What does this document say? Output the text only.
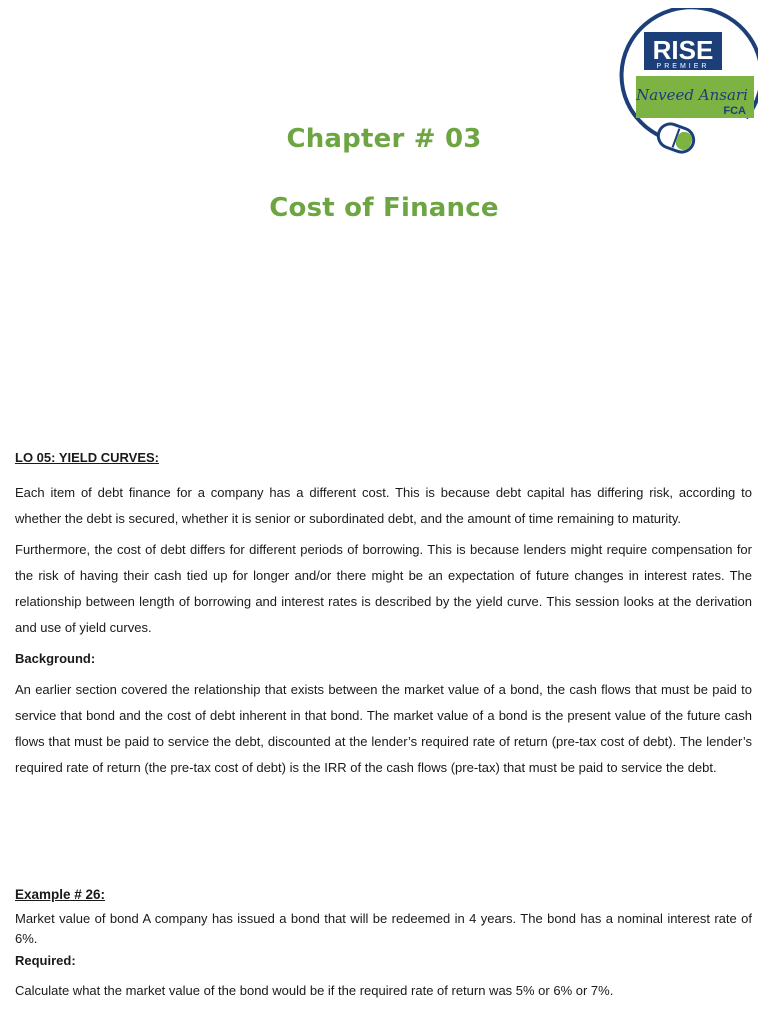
RISE
PREMIER
Naveed Ansari
FCA
Chapter # 03
Cost of Finance
LO 05: YIELD CURVES:

Each item of debt finance for a company has a different cost. This is because debt capital has differing risk, according to whether the debt is secured, whether it is senior or subordinated debt, and the amount of time remaining to maturity.

Furthermore, the cost of debt differs for different periods of borrowing. This is because lenders might require compensation for the risk of having their cash tied up for longer and/or there might be an expectation of future changes in interest rates. The relationship between length of borrowing and interest rates is described by the yield curve. This session looks at the derivation and use of yield curves.

Background:

An earlier section covered the relationship that exists between the market value of a bond, the cash flows that must be paid to service that bond and the cost of debt inherent in that bond. The market value of a bond is the present value of the future cash flows that must be paid to service the debt, discounted at the lender’s required rate of return (pre-tax cost of debt). The lender’s required rate of return (the pre-tax cost of debt) is the IRR of the cash flows (pre-tax) that must be paid to service the debt.

Example # 26:
Market value of bond A company has issued a bond that will be redeemed in 4 years. The bond has a nominal interest rate of 6%.
Required:
Calculate what the market value of the bond would be if the required rate of return was 5% or 6% or 7%.
